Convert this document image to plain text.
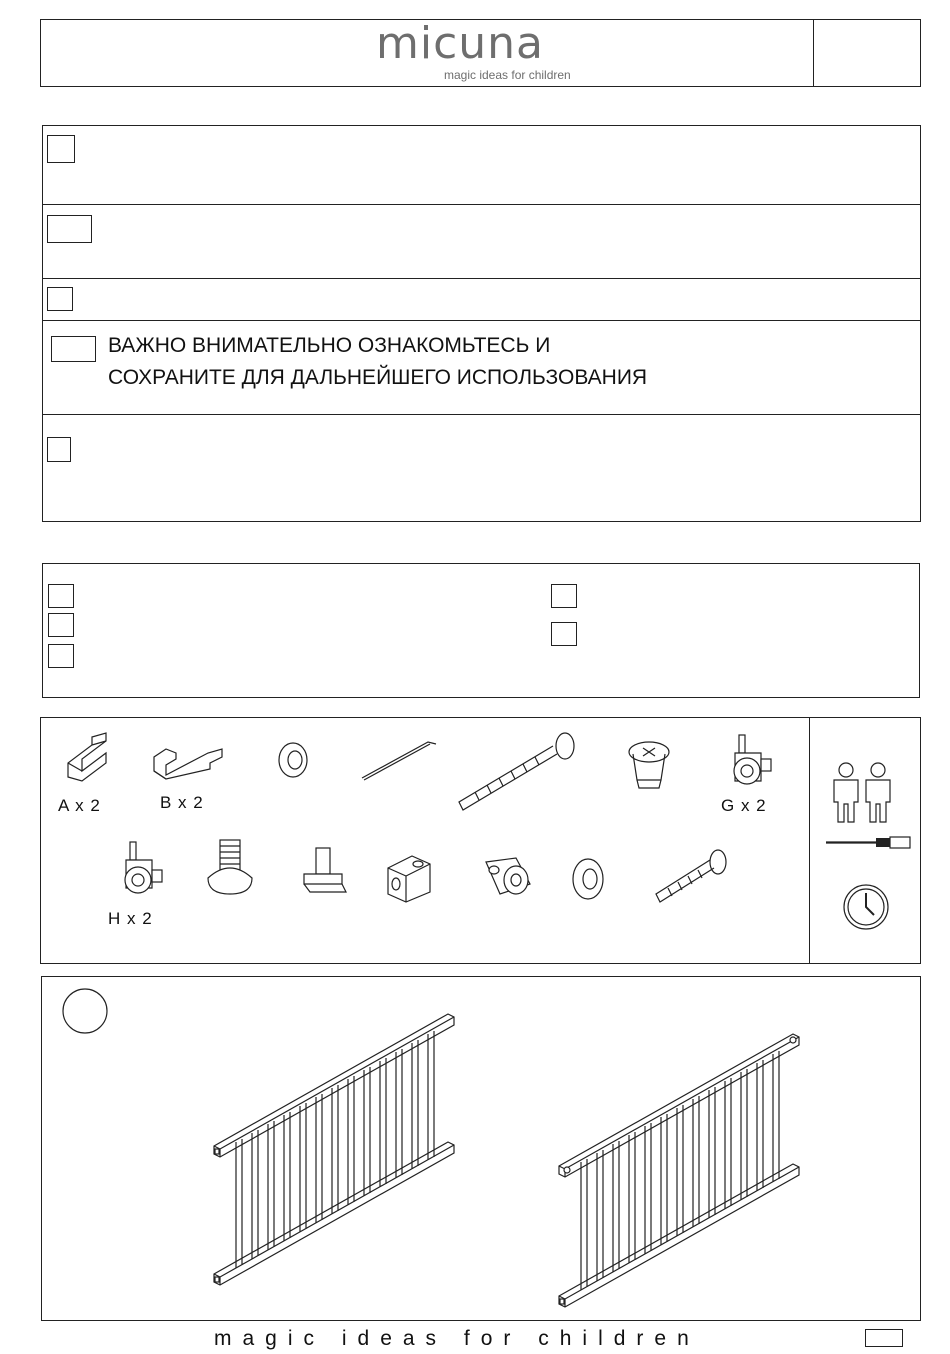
micuna
magic ideas for children
ВАЖНО ВНИМАТЕЛЬНО ОЗНАКОМЬТЕСЬ И
СОХРАНИТЕ ДЛЯ ДАЛЬНЕЙШЕГО ИСПОЛЬЗОВАНИЯ
A x 2	B x 2	G x 2
H x 2
magic ideas for children
